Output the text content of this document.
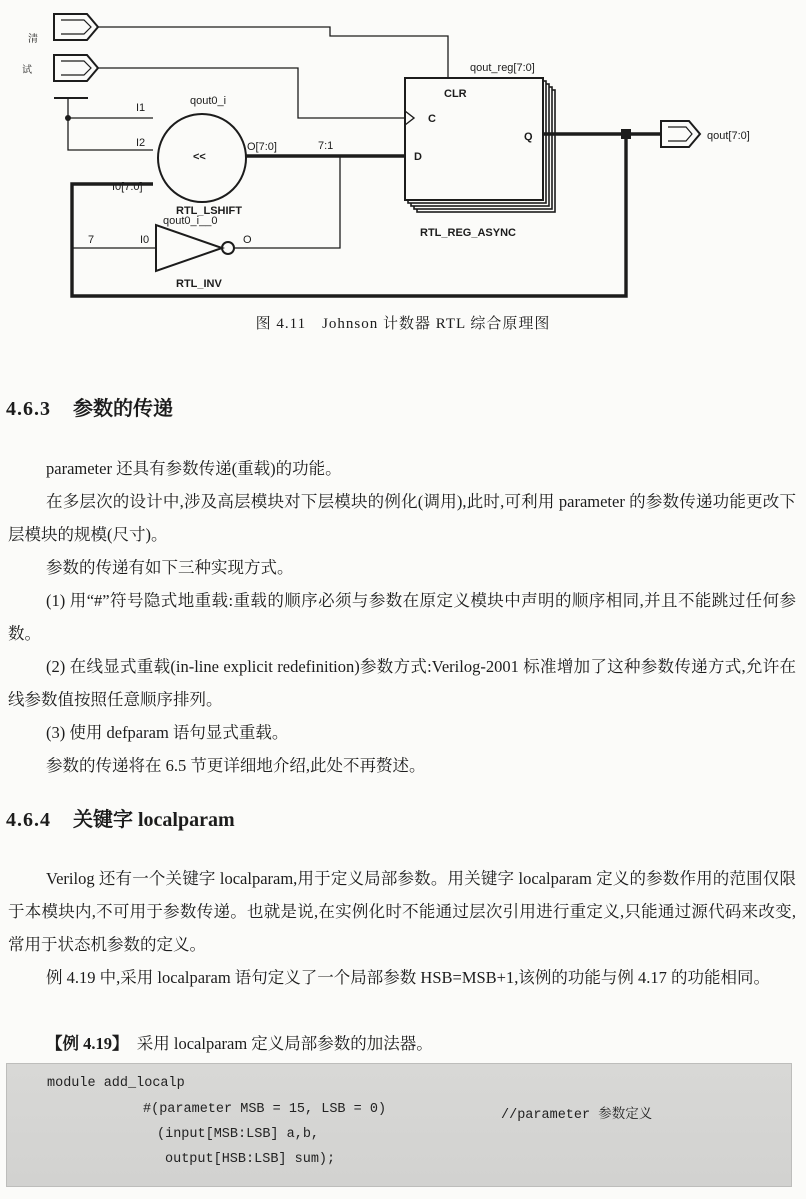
清
试
I1
I2
I0[7:0]
qout0_i
<<
O[7:0]
RTL_LSHIFT
7:1
qout0_i__0
7	I0	O
RTL_INV
qout_reg[7:0]
CLR
C
D
Q
RTL_REG_ASYNC
qout[7:0]
图 4.11　Johnson 计数器 RTL 综合原理图
4.6.3 参数的传递
parameter 还具有参数传递(重载)的功能。
在多层次的设计中,涉及高层模块对下层模块的例化(调用),此时,可利用 parameter 的参数传递功能更改下层模块的规模(尺寸)。
参数的传递有如下三种实现方式。
(1) 用“#”符号隐式地重载:重载的顺序必须与参数在原定义模块中声明的顺序相同,并且不能跳过任何参数。
(2) 在线显式重载(in-line explicit redefinition)参数方式:Verilog-2001 标准增加了这种参数传递方式,允许在线参数值按照任意顺序排列。
(3) 使用 defparam 语句显式重载。
参数的传递将在 6.5 节更详细地介绍,此处不再赘述。
4.6.4 关键字 localparam
Verilog 还有一个关键字 localparam,用于定义局部参数。用关键字 localparam 定义的参数作用的范围仅限于本模块内,不可用于参数传递。也就是说,在实例化时不能通过层次引用进行重定义,只能通过源代码来改变,常用于状态机参数的定义。
例 4.19 中,采用 localparam 语句定义了一个局部参数 HSB=MSB+1,该例的功能与例 4.17 的功能相同。
【例 4.19】 采用 localparam 定义局部参数的加法器。
module add_localp
#(parameter MSB = 15, LSB = 0)	//parameter 参数定义
(input[MSB:LSB] a,b,
output[HSB:LSB] sum);
